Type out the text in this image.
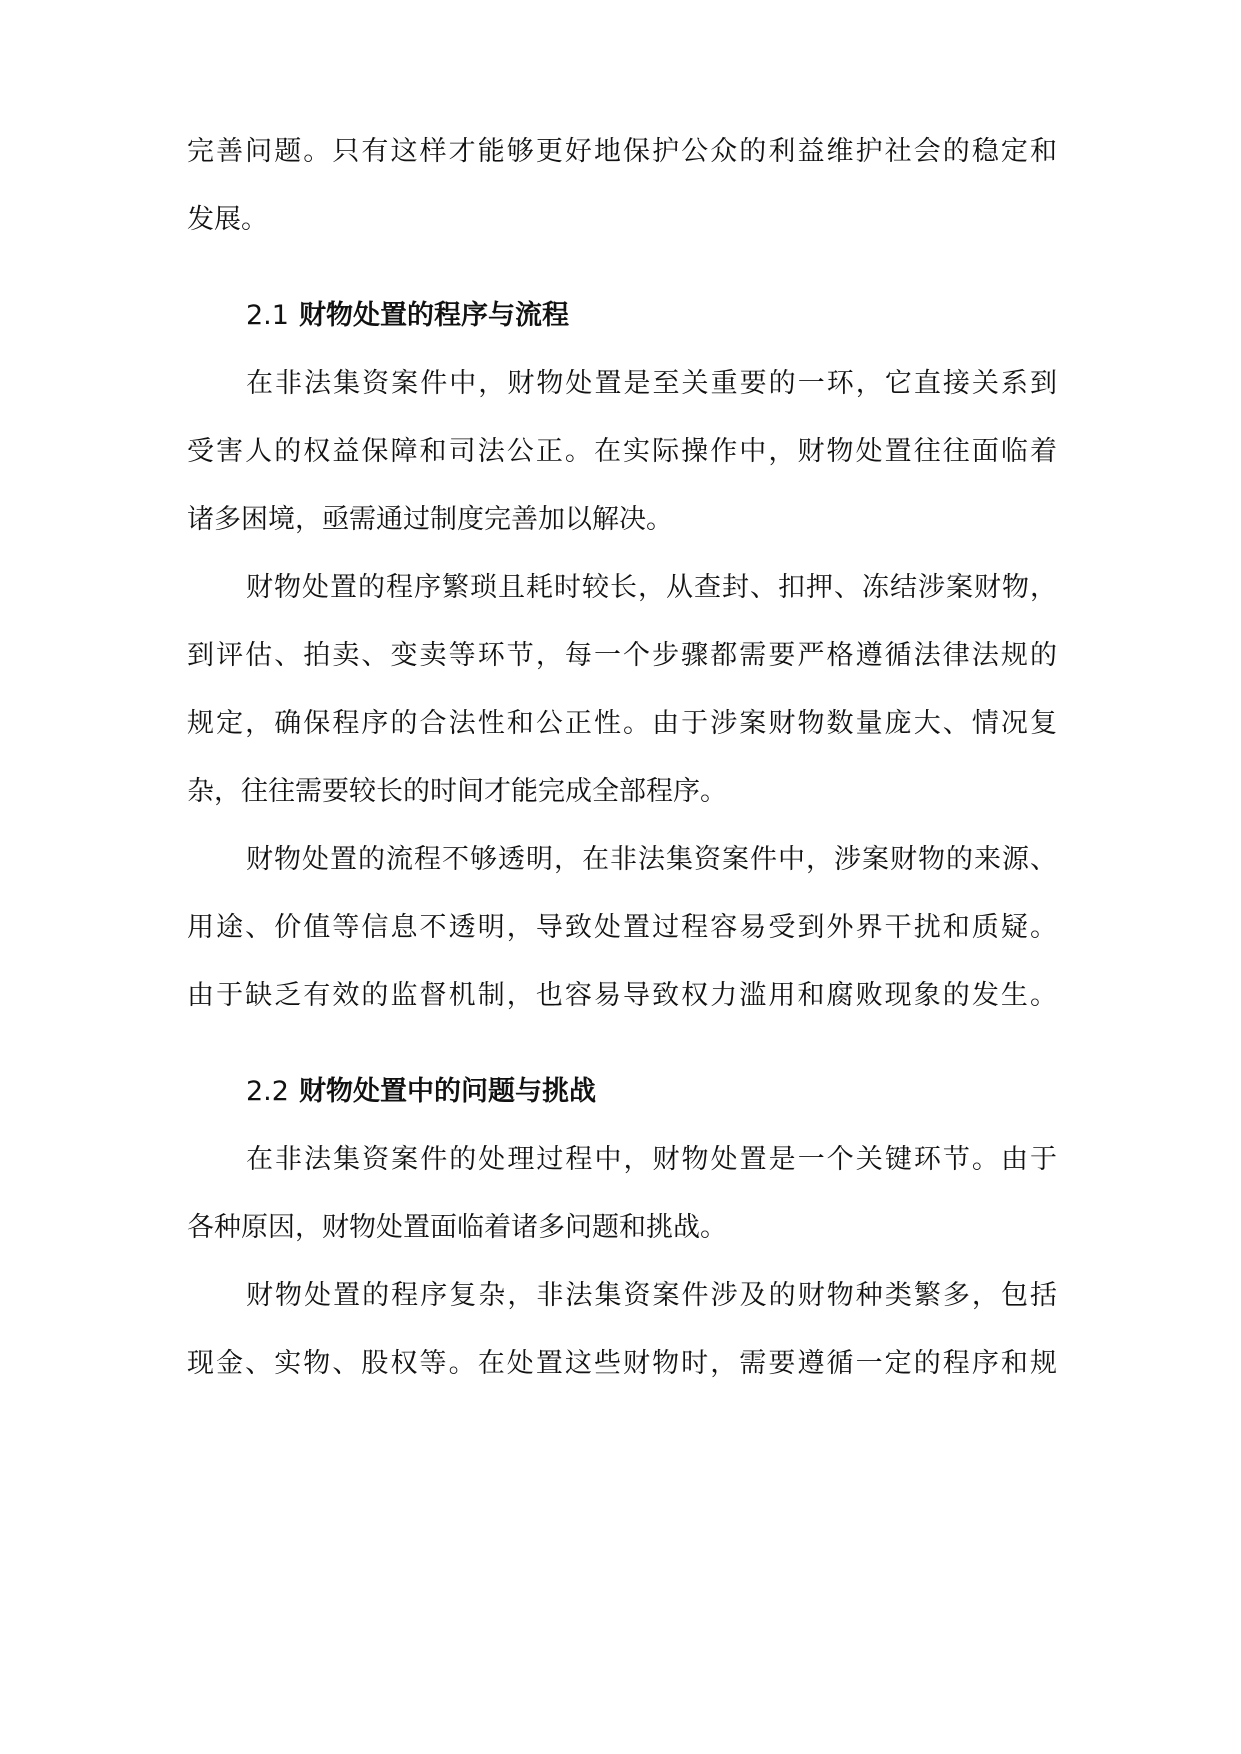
完善问题。只有这样才能够更好地保护公众的利益维护社会的稳定和
发展。
2.1 财物处置的程序与流程
在非法集资案件中，财物处置是至关重要的一环，它直接关系到
受害人的权益保障和司法公正。在实际操作中，财物处置往往面临着
诸多困境，亟需通过制度完善加以解决。
财物处置的程序繁琐且耗时较长，从查封、扣押、冻结涉案财物，
到评估、拍卖、变卖等环节，每一个步骤都需要严格遵循法律法规的
规定，确保程序的合法性和公正性。由于涉案财物数量庞大、情况复
杂，往往需要较长的时间才能完成全部程序。
财物处置的流程不够透明，在非法集资案件中，涉案财物的来源、
用途、价值等信息不透明，导致处置过程容易受到外界干扰和质疑。
由于缺乏有效的监督机制，也容易导致权力滥用和腐败现象的发生。
2.2 财物处置中的问题与挑战
在非法集资案件的处理过程中，财物处置是一个关键环节。由于
各种原因，财物处置面临着诸多问题和挑战。
财物处置的程序复杂，非法集资案件涉及的财物种类繁多，包括
现金、实物、股权等。在处置这些财物时，需要遵循一定的程序和规
